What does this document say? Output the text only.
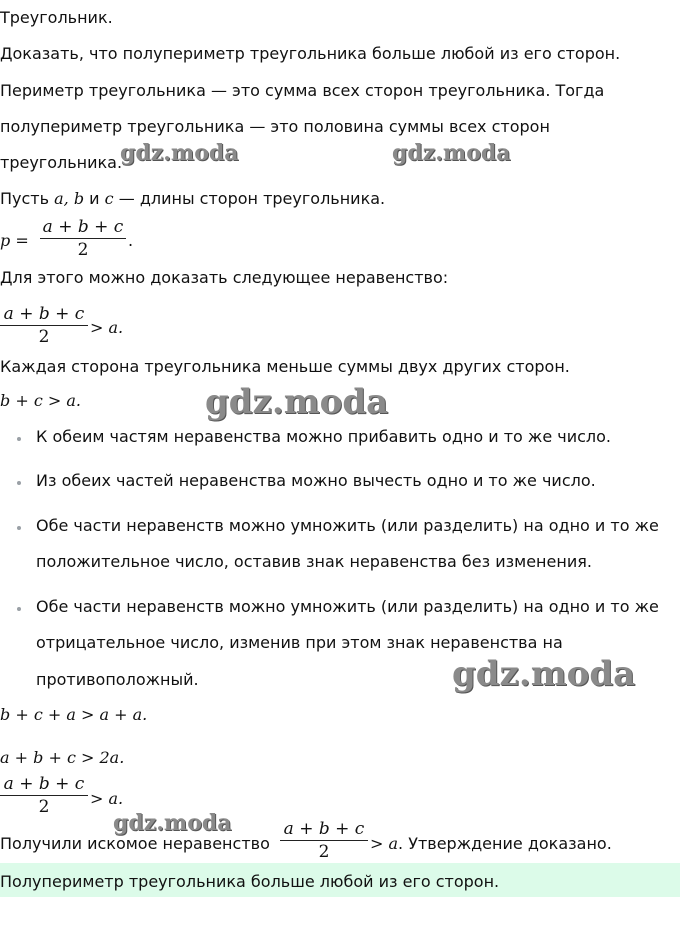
Треугольник.
Доказать, что полупериметр треугольника больше любой из его сторон.
Периметр треугольника — это сумма всех сторон треугольника. Тогда
полупериметр треугольника — это половина суммы всех сторон
треугольника.
Пусть a, b и c — длины сторон треугольника.
p =
a + b + c
2	.
Для этого можно доказать следующее неравенство:
a + b + c
2	> a.
Каждая сторона треугольника меньше суммы двух других сторон.
b + c > a.
К обеим частям неравенства можно прибавить одно и то же число.
Из обеих частей неравенства можно вычесть одно и то же число.
Обе части неравенств можно умножить (или разделить) на одно и то же
положительное число, оставив знак неравенства без изменения.
Обе части неравенств можно умножить (или разделить) на одно и то же
отрицательное число, изменив при этом знак неравенства на
противоположный.
b + c + a > a + a.
a + b + c > 2a.
a + b + c
2	> a.
Получили искомое неравенство
a + b + c
2	> a. Утверждение доказано.
Полупериметр треугольника больше любой из его сторон.
gdz.moda	gdz.moda
gdz.moda
gdz.moda
gdz.moda
